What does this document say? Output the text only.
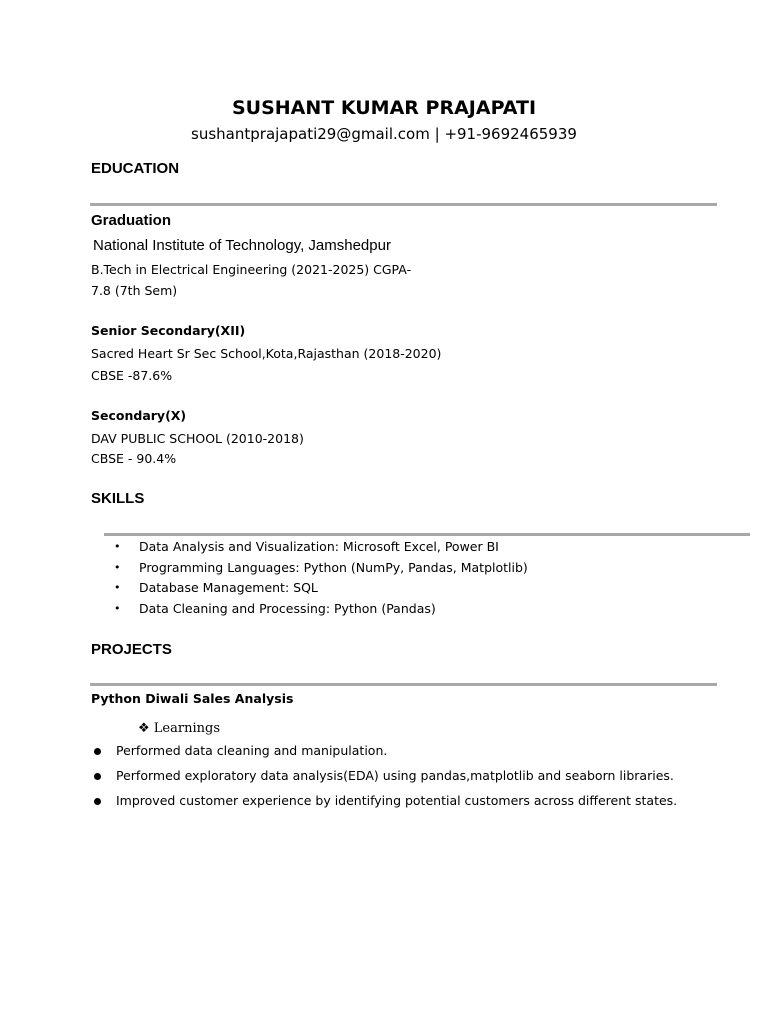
SUSHANT KUMAR PRAJAPATI
sushantprajapati29@gmail.com | +91-9692465939
EDUCATION
Graduation
National Institute of Technology, Jamshedpur
B.Tech in Electrical Engineering (2021-2025) CGPA-
7.8 (7th Sem)
Senior Secondary(XII)
Sacred Heart Sr Sec School,Kota,Rajasthan (2018-2020)
CBSE -87.6%
Secondary(X)
DAV PUBLIC SCHOOL (2010-2018)
CBSE - 90.4%
SKILLS
• Data Analysis and Visualization: Microsoft Excel, Power BI
• Programming Languages: Python (NumPy, Pandas, Matplotlib)
• Database Management: SQL
• Data Cleaning and Processing: Python (Pandas)
PROJECTS
Python Diwali Sales Analysis
❖ Learnings
Performed data cleaning and manipulation.
Performed exploratory data analysis(EDA) using pandas,matplotlib and seaborn libraries.
Improved customer experience by identifying potential customers across different states.
